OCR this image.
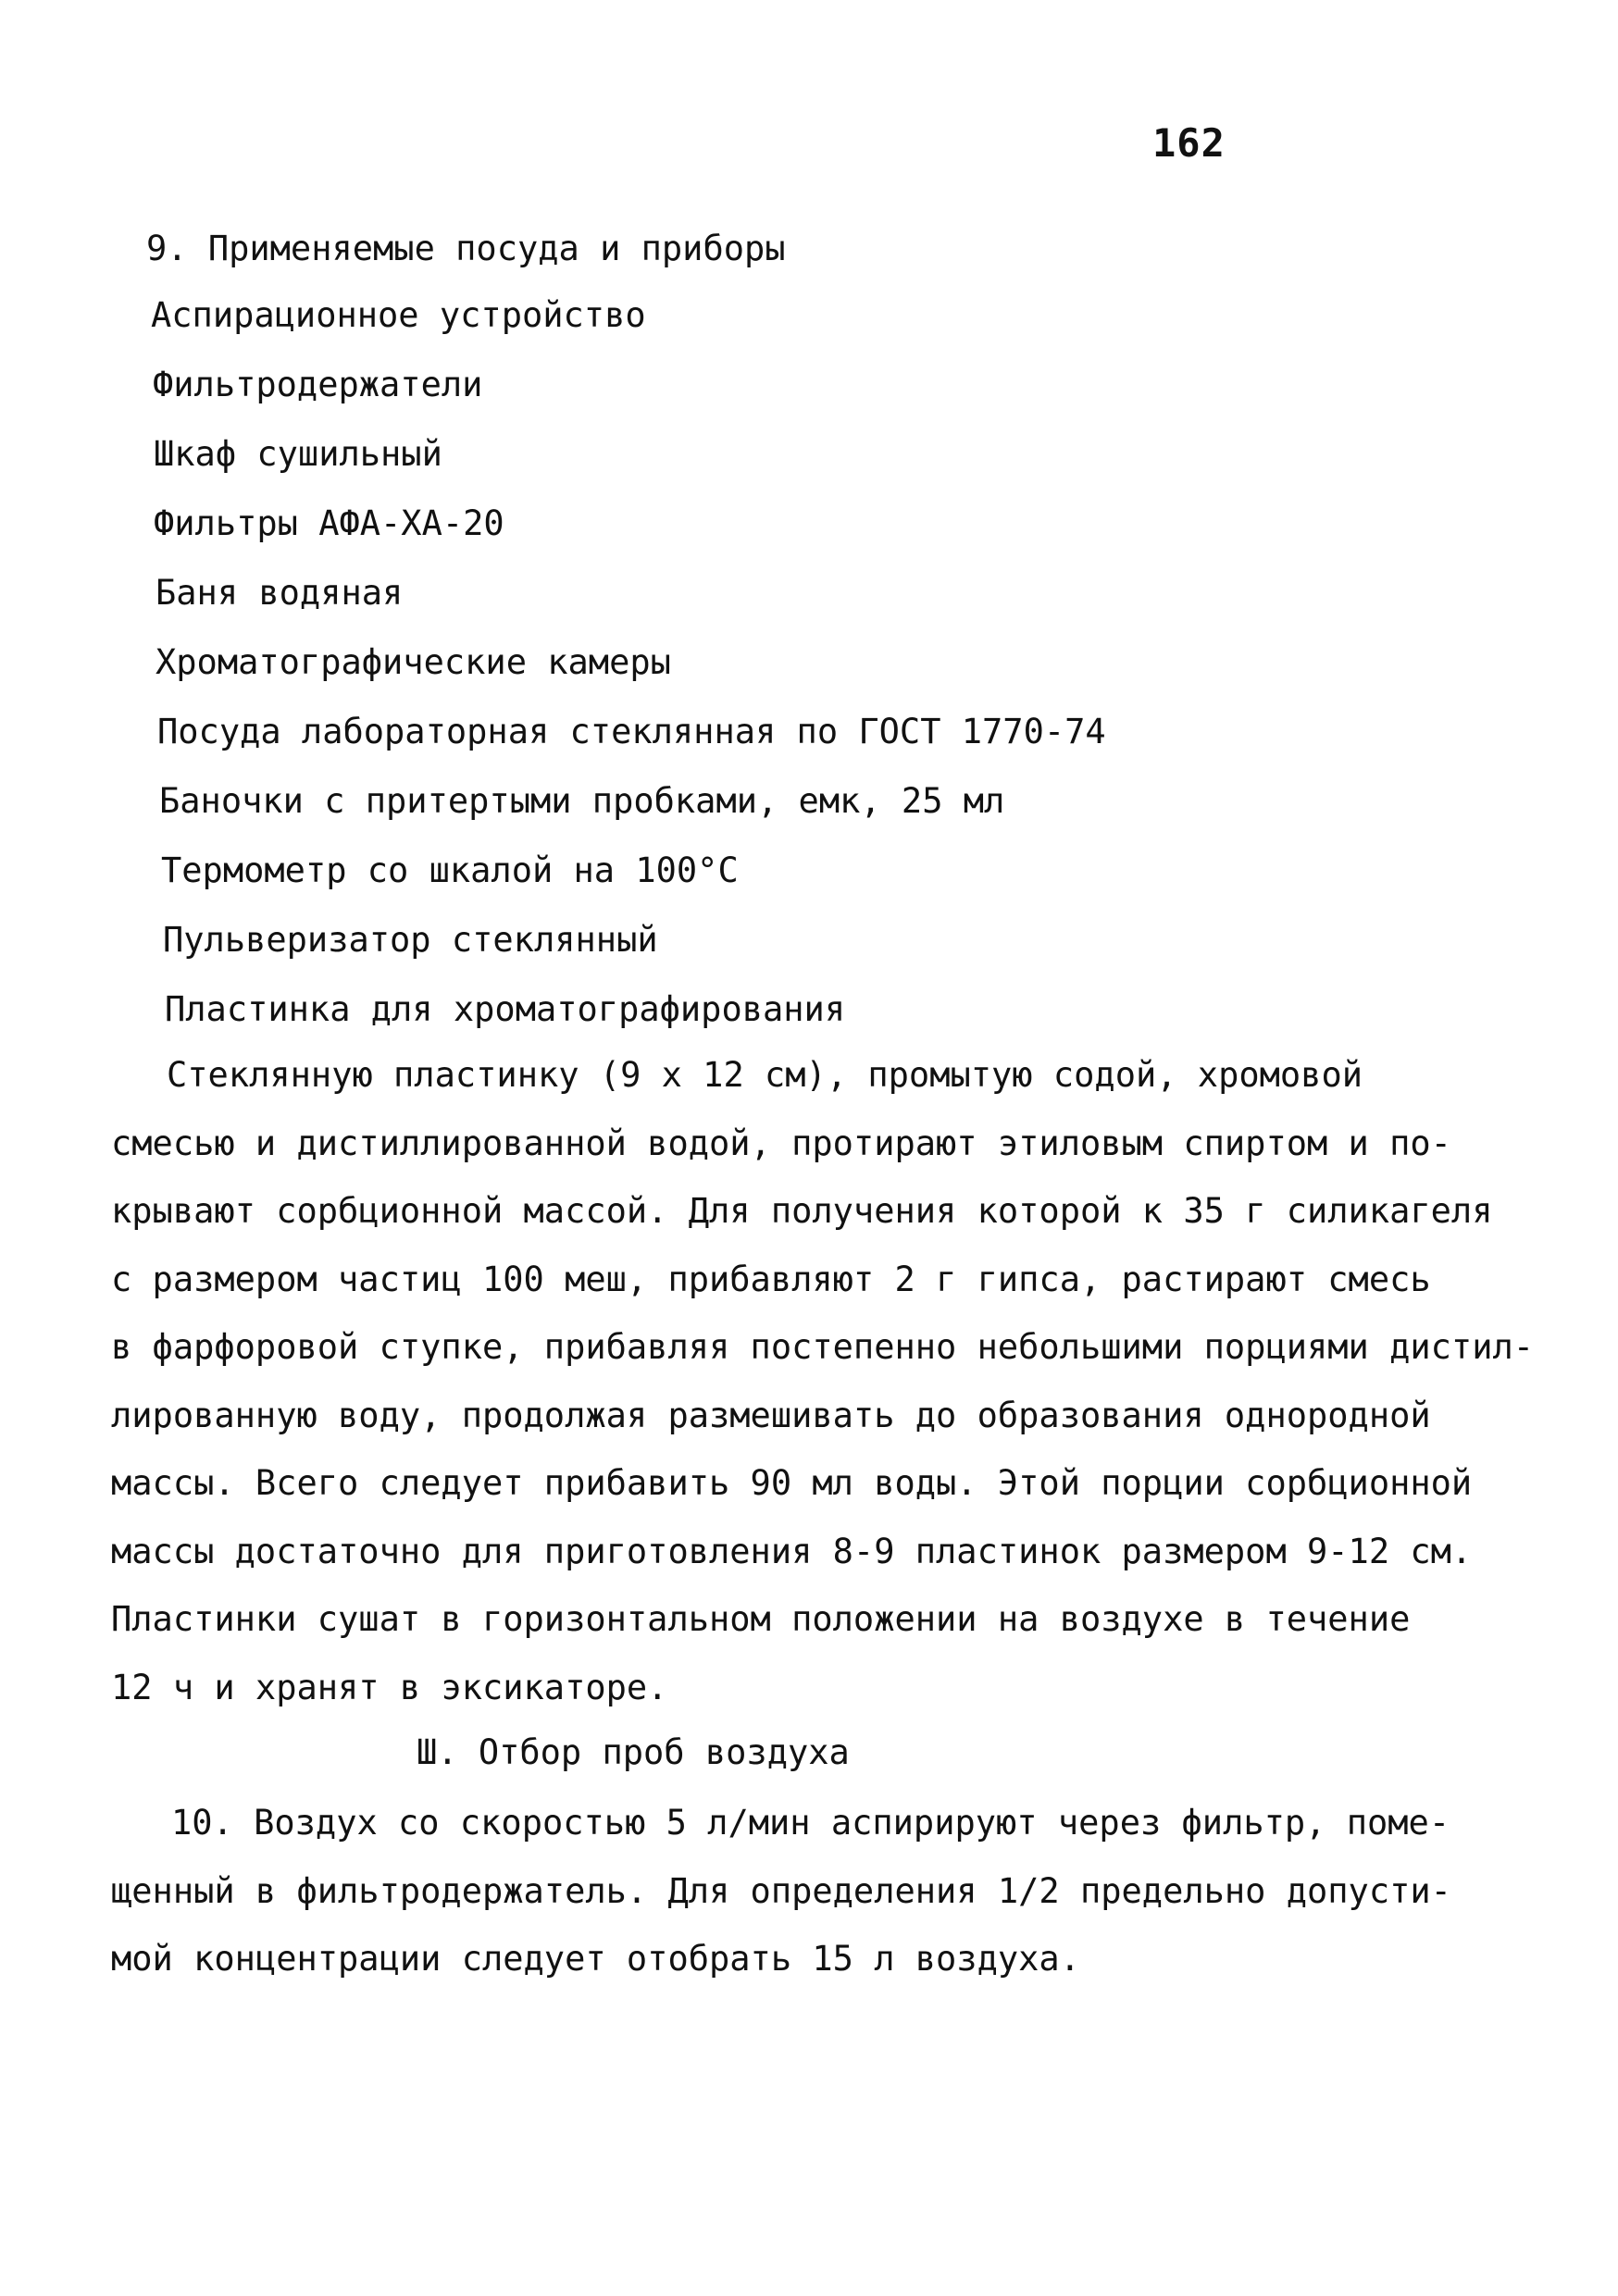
162
9. Применяемые посуда и приборы
Аспирационное устройство
Фильтродержатели
Шкаф сушильный
Фильтры АФА-ХА-20
Баня водяная
Хроматографические камеры
Посуда лабораторная стеклянная по ГОСТ 1770-74
Баночки с притертыми пробками, емк, 25 мл
Термометр со шкалой на 100°C
Пульверизатор стеклянный
Пластинка для хроматографирования
Стеклянную пластинку (9 х 12 см), промытую содой, хромовой
смесью и дистиллированной водой, протирают этиловым спиртом и по-
крывают сорбционной массой. Для получения которой к 35 г силикагеля
с размером частиц 100 меш, прибавляют 2 г гипса, растирают смесь
в фарфоровой ступке, прибавляя постепенно небольшими порциями дистил-
лированную воду, продолжая размешивать до образования однородной
массы. Всего следует прибавить 90 мл воды. Этой порции сорбционной
массы достаточно для приготовления 8-9 пластинок размером 9-12 см.
Пластинки сушат в горизонтальном положении на воздухе в течение
12 ч и хранят в эксикаторе.
Ш. Отбор проб воздуха
10. Воздух со скоростью 5 л/мин аспирируют через фильтр, поме-
щенный в фильтродержатель. Для определения 1/2 предельно допусти-
мой концентрации следует отобрать 15 л воздуха.
